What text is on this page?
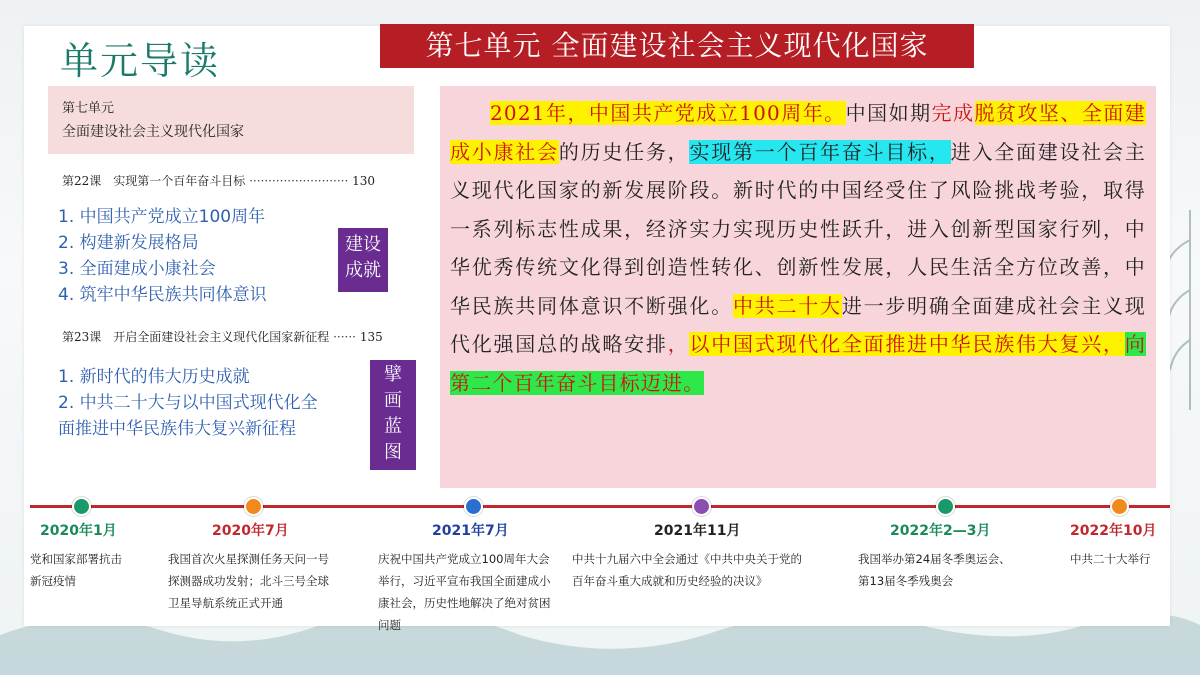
单元导读	第七单元 全面建设社会主义现代化国家
第七单元
全面建设社会主义现代化国家
第22课　实现第一个百年奋斗目标 ·························· 130
1. 中国共产党成立100周年
2. 构建新发展格局
3. 全面建成小康社会
4. 筑牢中华民族共同体意识
建设
成就
第23课　开启全面建设社会主义现代化国家新征程 ······ 135
1. 新时代的伟大历史成就
2. 中共二十大与以中国式现代化全
面推进中华民族伟大复兴新征程
擘
画
蓝
图

2021年，中国共产党成立100周年。中国如期完成脱贫攻坚、全面建成小康社会的历史任务，实现第一个百年奋斗目标，进入全面建设社会主义现代化国家的新发展阶段。新时代的中国经受住了风险挑战考验，取得一系列标志性成果，经济实力实现历史性跃升，进入创新型国家行列，中华优秀传统文化得到创造性转化、创新性发展，人民生活全方位改善，中华民族共同体意识不断强化。中共二十大进一步明确全面建成社会主义现代化强国总的战略安排，以中国式现代化全面推进中华民族伟大复兴，向第二个百年奋斗目标迈进。

2020年1月
党和国家部署抗击
新冠疫情
2020年7月
我国首次火星探测任务天问一号
探测器成功发射；北斗三号全球
卫星导航系统正式开通
2021年7月
庆祝中国共产党成立100周年大会
举行，习近平宣布我国全面建成小
康社会，历史性地解决了绝对贫困
问题
2021年11月
中共十九届六中全会通过《中共中央关于党的
百年奋斗重大成就和历史经验的决议》
2022年2—3月
我国举办第24届冬季奥运会、
第13届冬季残奥会
2022年10月
中共二十大举行
